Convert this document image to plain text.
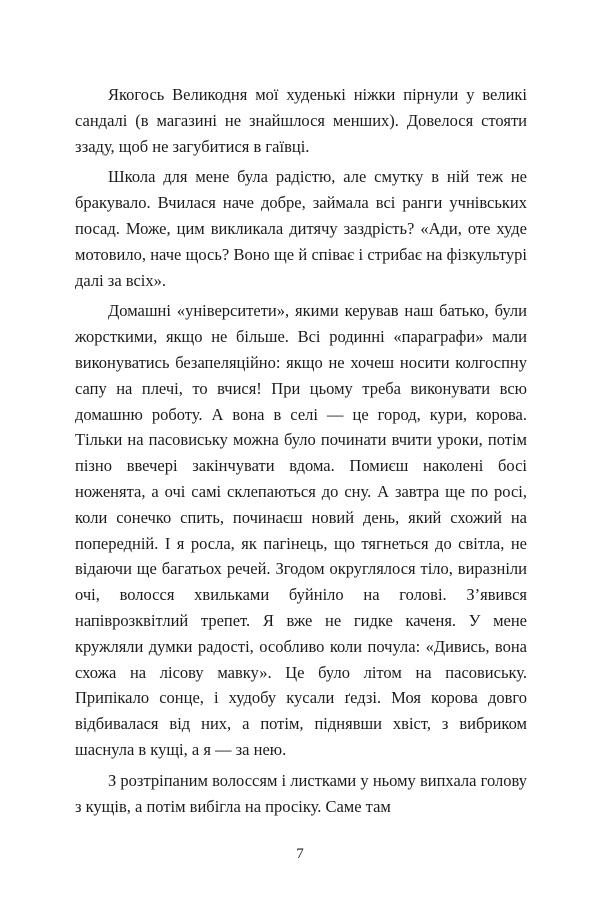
Якогось Великодня мої худенькі ніжки пірнули у великі сандалі (в магазині не знайшлося менших). Довелося стояти ззаду, щоб не загубитися в гаївці.

Школа для мене була радістю, але смутку в ній теж не бракувало. Вчилася наче добре, займала всі ранги учнівських посад. Може, цим викликала дитячу заздрість? «Ади, оте худе мотовило, наче щось? Воно ще й співає і стрибає на фізкультурі далі за всіх».

Домашні «університети», якими керував наш батько, були жорсткими, якщо не більше. Всі родинні «параграфи» мали виконуватись безапеляційно: якщо не хочеш носити колгоспну сапу на плечі, то вчися! При цьому треба виконувати всю домашню роботу. А вона в селі — це город, кури, корова. Тільки на пасовиську можна було починати вчити уроки, потім пізно ввечері закінчувати вдома. Помиєш наколені босі ноженята, а очі самі склепаються до сну. А завтра ще по росі, коли сонечко спить, починаєш новий день, який схожий на попередній. І я росла, як пагінець, що тягнеться до світла, не відаючи ще багатьох речей. Згодом округлялося тіло, виразніли очі, волосся хвильками буйніло на голові. З’явився напіврозквітлий трепет. Я вже не гидке каченя. У мене кружляли думки радості, особливо коли почула: «Дивись, вона схожа на лісову мавку». Це було літом на пасовиську. Припікало сонце, і худобу кусали ґедзі. Моя корова довго відбивалася від них, а потім, піднявши хвіст, з вибриком шаснула в кущі, а я — за нею.

З розтріпаним волоссям і листками у ньому випхала голову з кущів, а потім вибігла на просіку. Саме там

7
